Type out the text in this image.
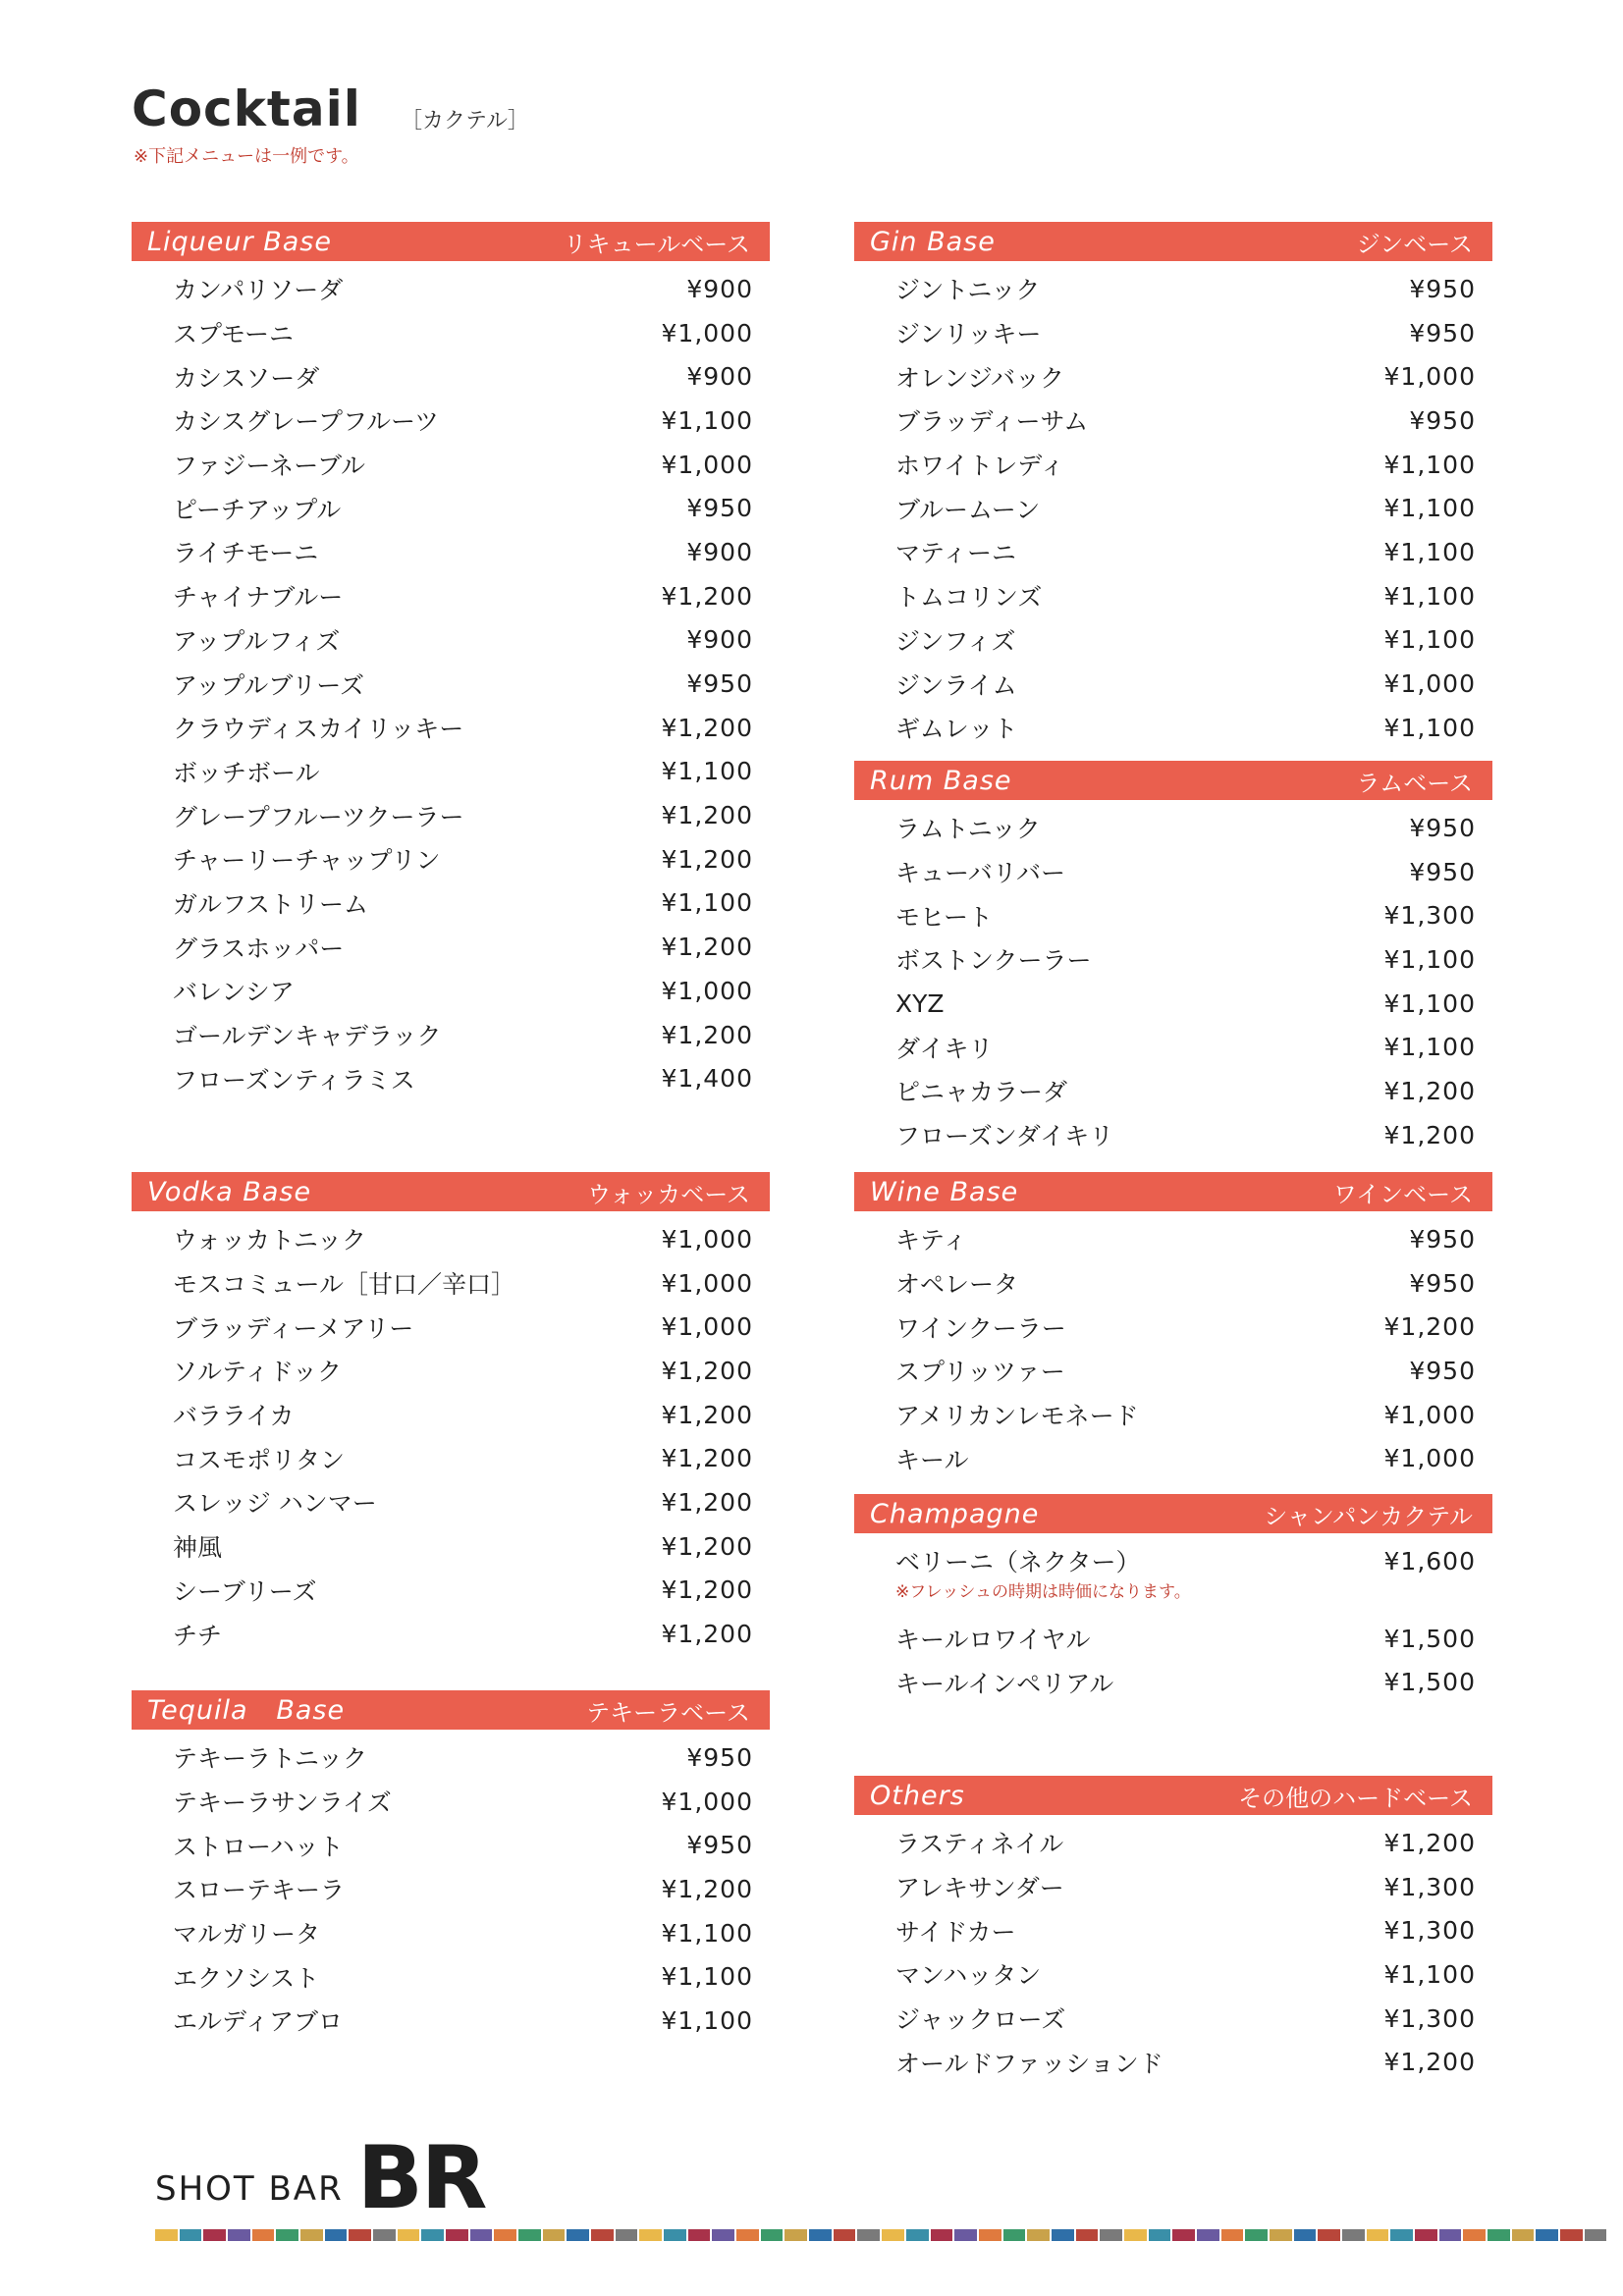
Cocktail ［カクテル］
※下記メニューは一例です。
Liqueur Base	リキュールベース
カンパリソーダ	¥900
スプモーニ	¥1,000
カシスソーダ	¥900
カシスグレープフルーツ	¥1,100
ファジーネーブル	¥1,000
ピーチアップル	¥950
ライチモーニ	¥900
チャイナブルー	¥1,200
アップルフィズ	¥900
アップルブリーズ	¥950
クラウディスカイリッキー	¥1,200
ボッチボール	¥1,100
グレープフルーツクーラー	¥1,200
チャーリーチャップリン	¥1,200
ガルフストリーム	¥1,100
グラスホッパー	¥1,200
バレンシア	¥1,000
ゴールデンキャデラック	¥1,200
フローズンティラミス	¥1,400
Vodka Base	ウォッカベース
ウォッカトニック	¥1,000
モスコミュール［甘口／辛口］	¥1,000
ブラッディーメアリー	¥1,000
ソルティドック	¥1,200
バラライカ	¥1,200
コスモポリタン	¥1,200
スレッジ ハンマー	¥1,200
神風	¥1,200
シーブリーズ	¥1,200
チチ	¥1,200
Tequila   Base	テキーラベース
テキーラトニック	¥950
テキーラサンライズ	¥1,000
ストローハット	¥950
スローテキーラ	¥1,200
マルガリータ	¥1,100
エクソシスト	¥1,100
エルディアブロ	¥1,100
Gin Base	ジンベース
ジントニック	¥950
ジンリッキー	¥950
オレンジバック	¥1,000
ブラッディーサム	¥950
ホワイトレディ	¥1,100
ブルームーン	¥1,100
マティーニ	¥1,100
トムコリンズ	¥1,100
ジンフィズ	¥1,100
ジンライム	¥1,000
ギムレット	¥1,100
Rum Base	ラムベース
ラムトニック	¥950
キューバリバー	¥950
モヒート	¥1,300
ボストンクーラー	¥1,100
XYZ	¥1,100
ダイキリ	¥1,100
ピニャカラーダ	¥1,200
フローズンダイキリ	¥1,200
Wine Base	ワインベース
キティ	¥950
オペレータ	¥950
ワインクーラー	¥1,200
スプリッツァー	¥950
アメリカンレモネード	¥1,000
キール	¥1,000
Champagne	シャンパンカクテル
ベリーニ（ネクター）	¥1,600
※フレッシュの時期は時価になります。
キールロワイヤル	¥1,500
キールインペリアル	¥1,500
Others	その他のハードベース
ラスティネイル	¥1,200
アレキサンダー	¥1,300
サイドカー	¥1,300
マンハッタン	¥1,100
ジャックローズ	¥1,300
オールドファッションド	¥1,200
SHOT BAR BR
